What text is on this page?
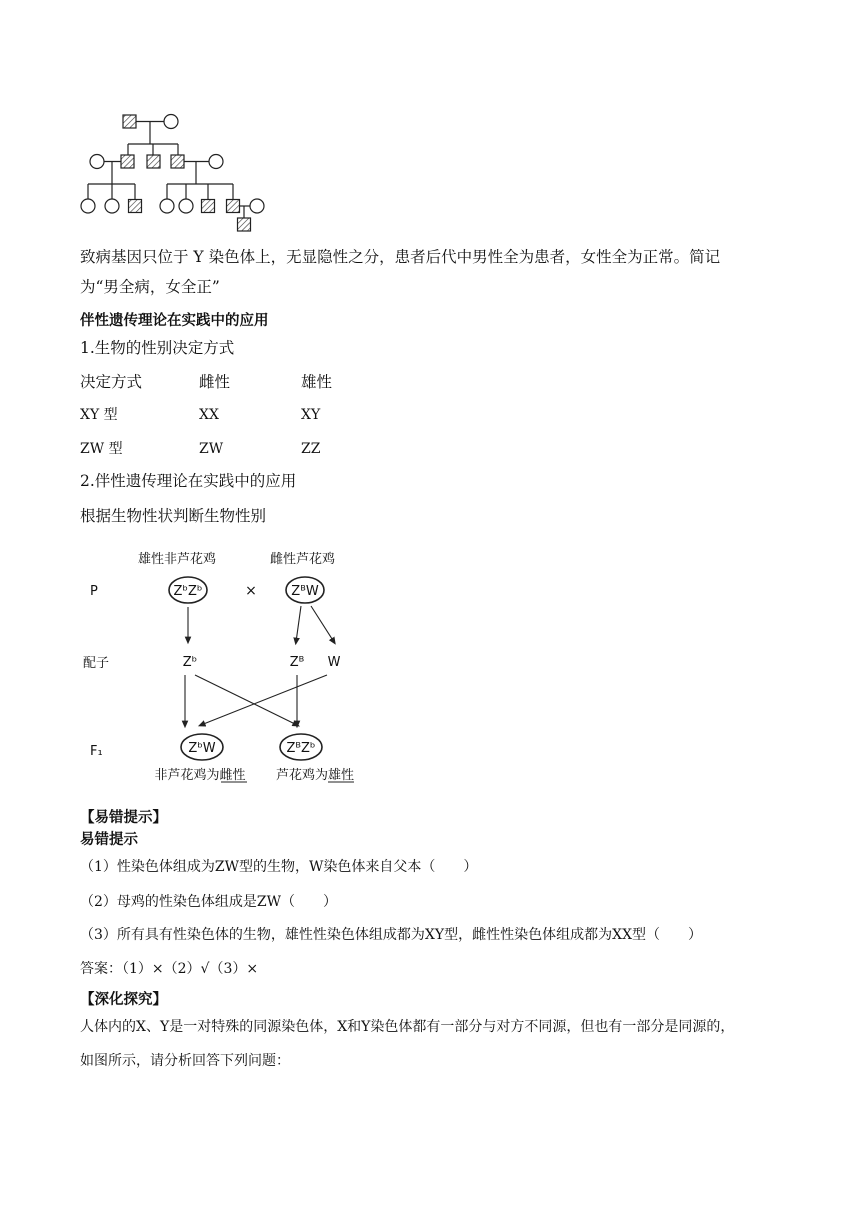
致病基因只位于 Y 染色体上，无显隐性之分，患者后代中男性全为患者，女性全为正常。简记
为“男全病，女全正”
伴性遗传理论在实践中的应用
1.生物的性别决定方式
决定方式	雌性	雄性
XY 型	XX	XY
ZW 型	ZW	ZZ
2.伴性遗传理论在实践中的应用
根据生物性状判断生物性别
P
配子
F₁
雄性非芦花鸡	雌性芦花鸡
ZᵇZᵇ	×	ZᴮW
Zᵇ	Zᴮ W
ZᵇW	ZᴮZᵇ
非芦花鸡为雌性 芦花鸡为雄性
【易错提示】
易错提示
（1）性染色体组成为ZW型的生物，W染色体来自父本（　　）
（2）母鸡的性染色体组成是ZW（　　）
（3）所有具有性染色体的生物，雄性性染色体组成都为XY型，雌性性染色体组成都为XX型（　　）
答案：（1）×（2）√（3）×
【深化探究】
人体内的X、Y是一对特殊的同源染色体，X和Y染色体都有一部分与对方不同源，但也有一部分是同源的，
如图所示，请分析回答下列问题：
